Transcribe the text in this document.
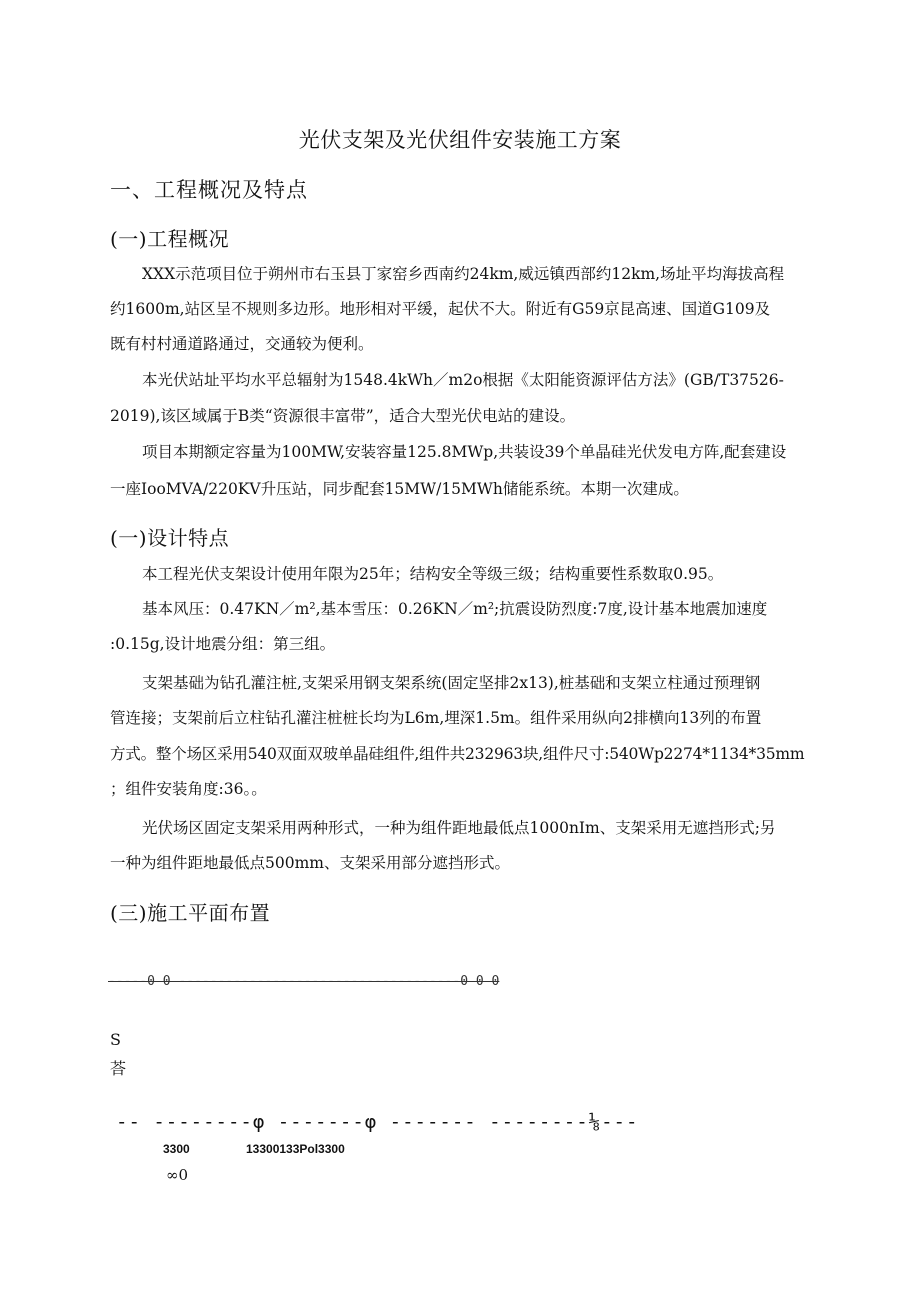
光伏支架及光伏组件安装施工方案
一、工程概况及特点
(一)工程概况
XXX示范项目位于朔州市右玉县丁家窑乡西南约24km,威远镇西部约12km,场址平均海拔高程
约1600m,站区呈不规则多边形。地形相对平缓，起伏不大。附近有G59京昆高速、国道G109及
既有村村通道路通过，交通较为便利。
本光伏站址平均水平总辐射为1548.4kWh／m2o根据《太阳能资源评估方法》(GB/T37526-
2019),该区域属于B类“资源很丰富带”，适合大型光伏电站的建设。
项目本期额定容量为100MW,安装容量125.8MWp,共装设39个单晶硅光伏发电方阵,配套建设
一座IooMVA/220KV升压站，同步配套15MW/15MWh储能系统。本期一次建成。
(一)设计特点
本工程光伏支架设计使用年限为25年；结构安全等级三级；结构重要性系数取0.95。
基本风压：0.47KN／m²,基本雪压：0.26KN／m²;抗震设防烈度:7度,设计基本地震加速度
:0.15g,设计地震分组：第三组。
支架基础为钻孔灌注桩,支架采用钢支架系统(固定坚排2x13),桩基础和支架立柱通过预理钢
管连接；支架前后立柱钻孔灌注桩桩长均为L6m,埋深1.5m。组件采用纵向2排横向13列的布置
方式。整个场区采用540双面双玻单晶硅组件,组件共232963块,组件尺寸:540Wp2274*1134*35mm
；组件安装角度:36。。
光伏场区固定支架采用两种形式，一种为组件距地最低点1000nIm、支架采用无遮挡形式;另
一种为组件距地最低点500mm、支架采用部分遮挡形式。
(三)施工平面布置
-----0 0 ------------------------------------0 0 0
S
荅
-- --------φ -------φ ------- --------⅛---
3300	13300133Pol3300
∞0
